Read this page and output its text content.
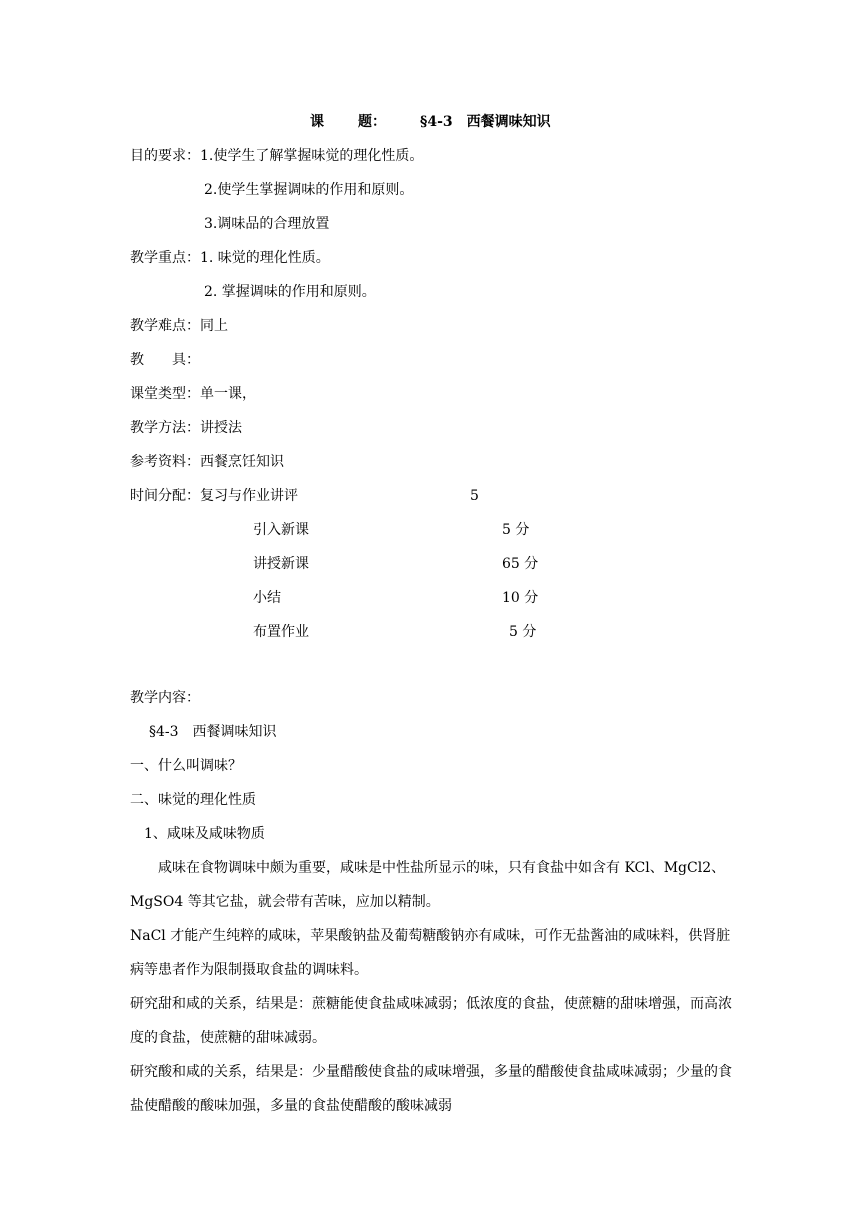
课 题： §4-3 西餐调味知识
目的要求：1.使学生了解掌握味觉的理化性质。
2.使学生掌握调味的作用和原则。
3.调味品的合理放置
教学重点：1. 味觉的理化性质。
2. 掌握调味的作用和原则。
教学难点：同上
教 具：
课堂类型：单一课，
教学方法：讲授法
参考资料：西餐烹饪知识
时间分配：复习与作业讲评	5
引入新课	5 分
讲授新课	65 分
小结	10 分
布置作业	5 分
教学内容：
§4-3 西餐调味知识
一、什么叫调味？
二、味觉的理化性质
1、咸味及咸味物质
咸味在食物调味中颇为重要，咸味是中性盐所显示的味，只有食盐中如含有 KCl、MgCl2、MgSO4 等其它盐，就会带有苦味，应加以精制。
NaCl 才能产生纯粹的咸味，苹果酸钠盐及葡萄糖酸钠亦有咸味，可作无盐酱油的咸味料，供肾脏病等患者作为限制摄取食盐的调味料。
研究甜和咸的关系，结果是：蔗糖能使食盐咸味减弱；低浓度的食盐，使蔗糖的甜味增强，而高浓度的食盐，使蔗糖的甜味减弱。
研究酸和咸的关系，结果是：少量醋酸使食盐的咸味增强，多量的醋酸使食盐咸味减弱；少量的食盐使醋酸的酸味加强，多量的食盐使醋酸的酸味减弱
